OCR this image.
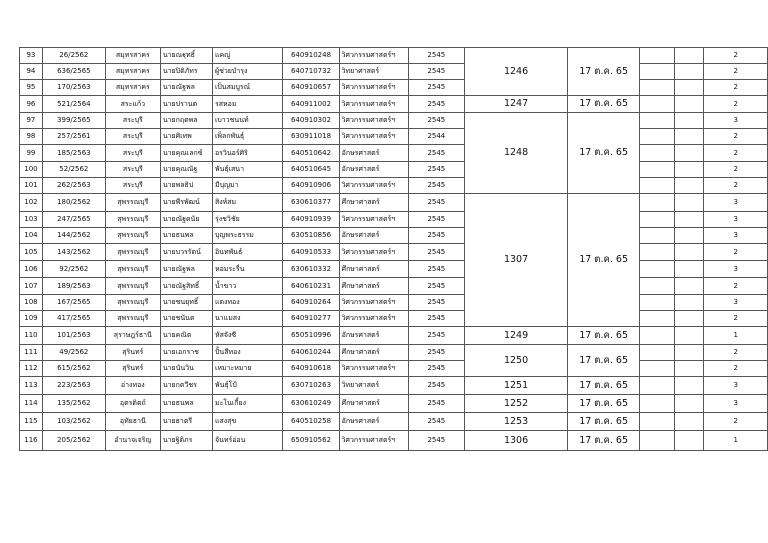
93	26/2562	สมุทรสาคร	นายณฐุทธิ์	แคญู่	640910248	วิศวกรรมศาสตร์ฯ	2545	1246	17 ต.ค. 65			2
94	636/2565	สมุทรสาคร	นายปิติภัทร	ผู้ช่วยบำรุง	640710732	วิทยาศาสตร์	2545					2
95	170/2563	สมุทรสาคร	นายณัฐพล	เป็นสมบูรณ์	640910657	วิศวกรรมศาสตร์ฯ	2545					2
96	521/2564	สระแก้ว	นายปรานต	รสหอม	640911002	วิศวกรรมศาสตร์ฯ	2545	1247	17 ต.ค. 65			2
97	399/2565	สระบุรี	นายกฤตพล	เบาวชนนท์	640910302	วิศวกรรมศาสตร์ฯ	2545	1248	17 ต.ค. 65			3
98	257/2561	สระบุรี	นายศิเทพ	เพ็ลกพันธุ์	630911018	วิศวกรรมศาสตร์ฯ	2544					2
99	185/2563	สระบุรี	นายคุณเลกซ์	อรวินอร์ศิริ	640510642	อักษรศาสตร์	2545					2
100	52/2562	สระบุรี	นายคุณณัฐ	พันธุ์เสนา	640510645	อักษรศาสตร์	2545					2
101	262/2563	สระบุรี	นายพลธิป	มีบุญมา	640910906	วิศวกรรมศาสตร์ฯ	2545					2
102	180/2562	สุพรรณบุรี	นายพีรพัฒน์	สิงห์สม	630610377	ศึกษาศาสตร์	2545	1307	17 ต.ค. 65			3
103	247/2565	สุพรรณบุรี	นายณัฐดนัย	รุ่งชวิชัย	640910939	วิศวกรรมศาสตร์ฯ	2545					3
104	144/2562	สุพรรณบุรี	นายธนพล	บุญพระธรรม	630510856	อักษรศาสตร์	2545					3
105	143/2562	สุพรรณบุรี	นายบวรรัตน์	อินทพันธ์	640910533	วิศวกรรมศาสตร์ฯ	2545					2
106	92/2562	สุพรรณบุรี	นายณัฐพล	หอมระรื่น	630610332	ศึกษาศาสตร์	2545					3
107	189/2563	สุพรรณบุรี	นายณัฐสิทธิ์	น้ำขาว	640610231	ศึกษาศาสตร์	2545					2
108	167/2565	สุพรรณบุรี	นายชนยุทธิ์	แตงทอง	640910264	วิศวกรรมศาสตร์ฯ	2545					3
109	417/2565	สุพรรณบุรี	นายชนันต	นาแมสง	640910277	วิศวกรรมศาสตร์ฯ	2545					2
110	101/2563	สุราษฎร์ธานี	นายคณิต	หัสจังซี	650510996	อักษรศาสตร์	2545	1249	17 ต.ค. 65			1
111	49/2562	สุรินทร์	นายเอกราช	ปั้นสีทอง	640610244	ศึกษาศาสตร์	2545	1250	17 ต.ค. 65			2
112	615/2562	สุรินทร์	นายนันวิน	เหมาะหมาย	640910618	วิศวกรรมศาสตร์ฯ	2545					2
113	223/2563	อ่างทอง	นายกตวีชร	พันธุ์โป้	630710263	วิทยาศาสตร์	2545	1251	17 ต.ค. 65			3
114	135/2562	อุตรดิตถ์	นายธนพล	มะโนเกี้ยง	630610249	ศึกษาศาสตร์	2545	1252	17 ต.ค. 65			3
115	103/2562	อุทัยธานี	นายธาตรี	แสงสุข	640510258	อักษรศาสตร์	2545	1253	17 ต.ค. 65			2
116	205/2562	อำนาจเจริญ	นายฐิติภร	จันทร์อ่อน	650910562	วิศวกรรมศาสตร์ฯ	2545	1306	17 ต.ค. 65			1
